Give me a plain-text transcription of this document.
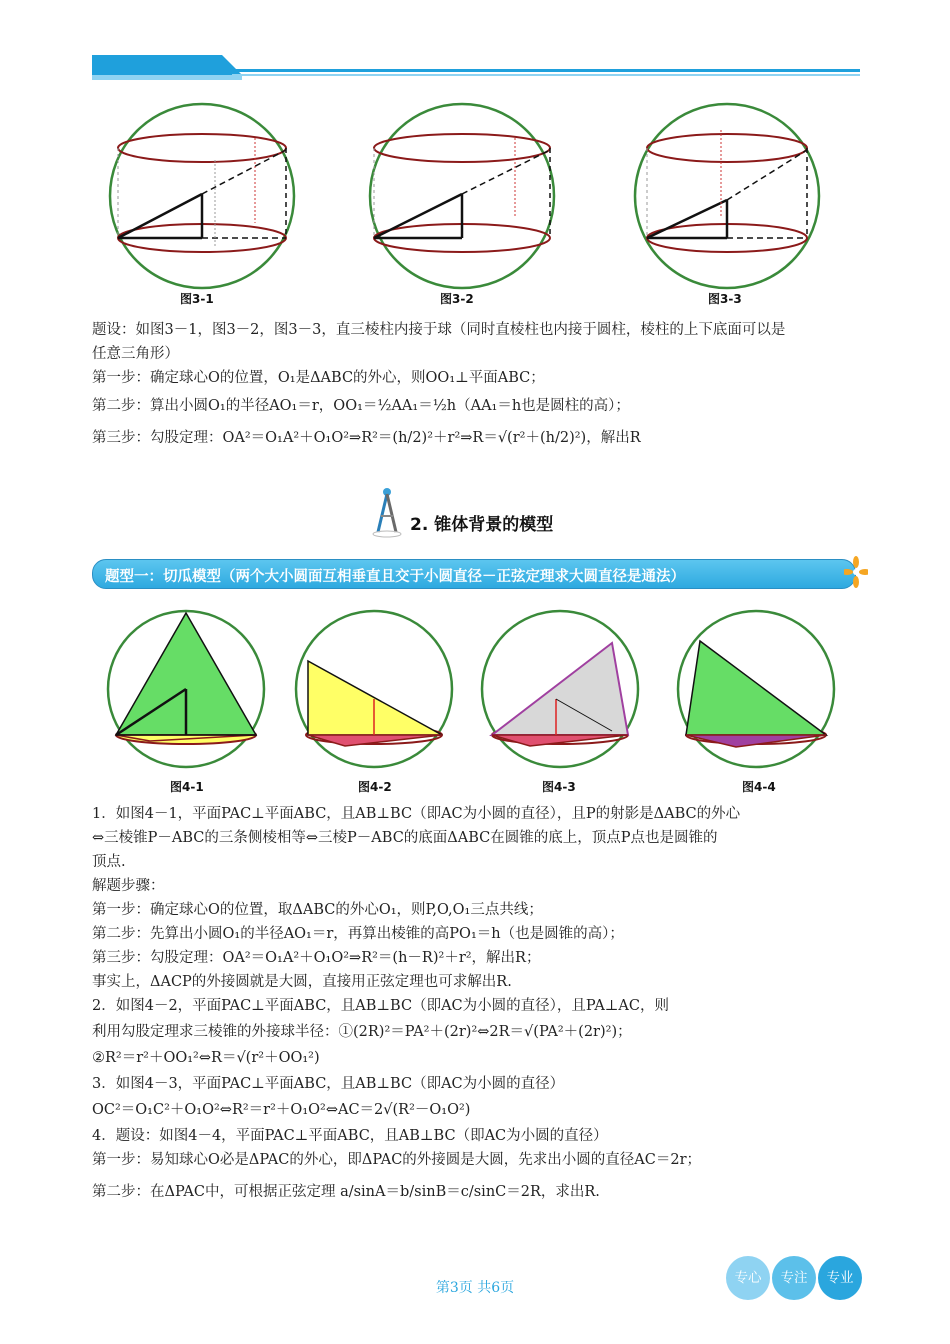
图3-1	图3-2	图3-3

题设：如图3－1，图3－2，图3－3，直三棱柱内接于球（同时直棱柱也内接于圆柱，棱柱的上下底面可以是

任意三角形）

第一步：确定球心O的位置，O₁是ΔABC的外心，则OO₁⊥平面ABC；

第二步：算出小圆O₁的半径AO₁＝r，OO₁＝½AA₁＝½h（AA₁＝h也是圆柱的高）；

第三步：勾股定理：OA²＝O₁A²＋O₁O²⇒R²＝(h/2)²＋r²⇒R＝√(r²＋(h/2)²)，解出R

2. 锥体背景的模型
题型一：切瓜模型（两个大小圆面互相垂直且交于小圆直径－正弦定理求大圆直径是通法）
图4-1	图4-2	图4-3	图4-4

1．如图4－1，平面PAC⊥平面ABC，且AB⊥BC（即AC为小圆的直径），且P的射影是ΔABC的外心

⇔三棱锥P－ABC的三条侧棱相等⇔三棱P－ABC的底面ΔABC在圆锥的底上，顶点P点也是圆锥的

顶点.

解题步骤：

第一步：确定球心O的位置，取ΔABC的外心O₁，则P,O,O₁三点共线；

第二步：先算出小圆O₁的半径AO₁＝r，再算出棱锥的高PO₁＝h（也是圆锥的高）；

第三步：勾股定理：OA²＝O₁A²＋O₁O²⇒R²＝(h－R)²＋r²，解出R；

事实上，ΔACP的外接圆就是大圆，直接用正弦定理也可求解出R.

2．如图4－2，平面PAC⊥平面ABC，且AB⊥BC（即AC为小圆的直径），且PA⊥AC，则

利用勾股定理求三棱锥的外接球半径：①(2R)²＝PA²＋(2r)²⇔2R＝√(PA²＋(2r)²)；

②R²＝r²＋OO₁²⇔R＝√(r²＋OO₁²)

3．如图4－3，平面PAC⊥平面ABC，且AB⊥BC（即AC为小圆的直径）

OC²＝O₁C²＋O₁O²⇔R²＝r²＋O₁O²⇔AC＝2√(R²－O₁O²)

4．题设：如图4－4，平面PAC⊥平面ABC，且AB⊥BC（即AC为小圆的直径）

第一步：易知球心O必是ΔPAC的外心，即ΔPAC的外接圆是大圆，先求出小圆的直径AC＝2r；

第二步：在ΔPAC中，可根据正弦定理 a/sinA＝b/sinB＝c/sinC＝2R，求出R.

第3页 共6页
专心	专注	专业
